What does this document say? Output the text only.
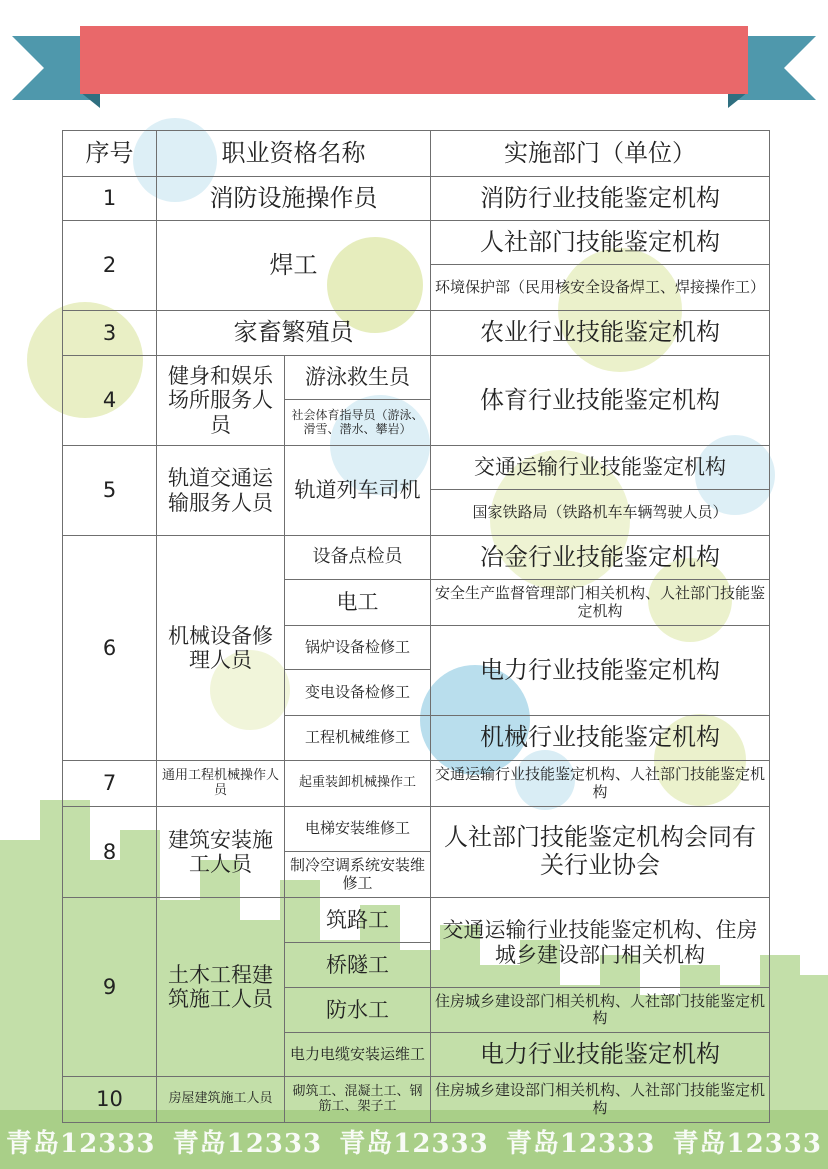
序号	职业资格名称		实施部门（单位）
1	消防设施操作员		消防行业技能鉴定机构
2	焊工		人社部门技能鉴定机构
			环境保护部（民用核安全设备焊工、焊接操作工）
3	家畜繁殖员		农业行业技能鉴定机构
4	健身和娱乐场所服务人员	游泳救生员	体育行业技能鉴定机构
		社会体育指导员（游泳、滑雪、潜水、攀岩）	
5	轨道交通运输服务人员	轨道列车司机	交通运输行业技能鉴定机构
			国家铁路局（铁路机车车辆驾驶人员）
6	机械设备修理人员	设备点检员	冶金行业技能鉴定机构
		电工	安全生产监督管理部门相关机构、人社部门技能鉴定机构
		锅炉设备检修工	电力行业技能鉴定机构
		变电设备检修工	
		工程机械维修工	机械行业技能鉴定机构
7	通用工程机械操作人员	起重装卸机械操作工	交通运输行业技能鉴定机构、人社部门技能鉴定机构
8	建筑安装施工人员	电梯安装维修工	人社部门技能鉴定机构会同有关行业协会
		制冷空调系统安装维修工	
9	土木工程建筑施工人员	筑路工	交通运输行业技能鉴定机构、住房城乡建设部门相关机构
		桥隧工	
		防水工	住房城乡建设部门相关机构、人社部门技能鉴定机构
		电力电缆安装运维工	电力行业技能鉴定机构
10	房屋建筑施工人员	砌筑工、混凝土工、钢筋工、架子工	住房城乡建设部门相关机构、人社部门技能鉴定机构
青岛12333 青岛12333 青岛12333 青岛12333 青岛12333
